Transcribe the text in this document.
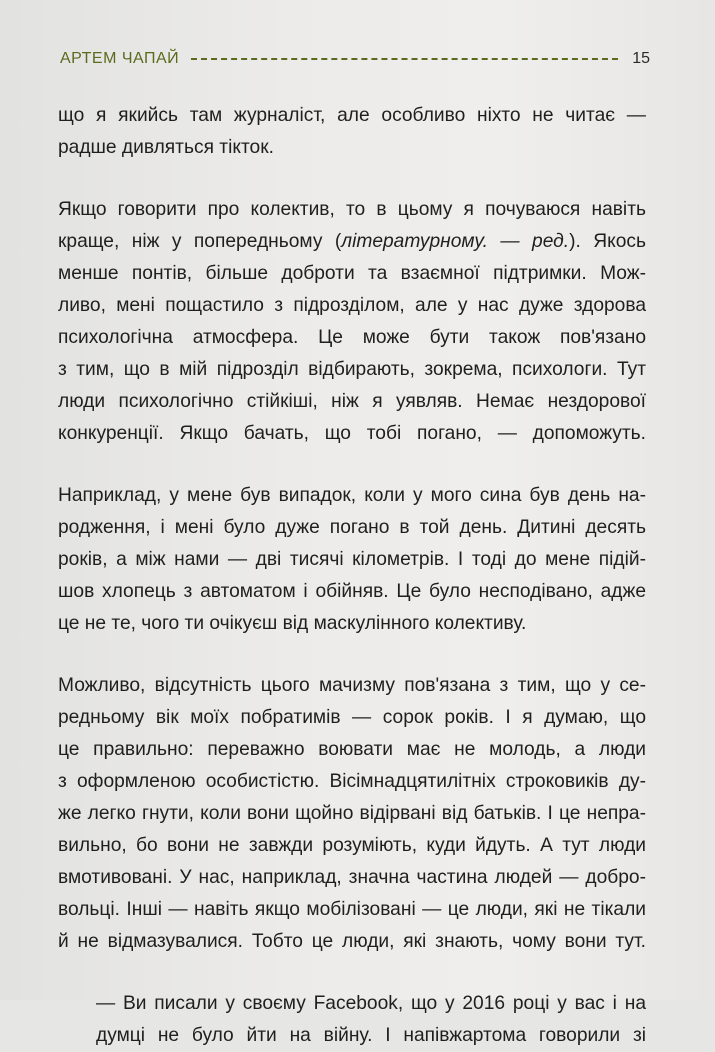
АРТЕМ ЧАПАЙ	15

що я якийсь там журналіст, але особливо ніхто не читає —
радше дивляться тікток.

Якщо говорити про колектив, то в цьому я почуваюся навіть
краще, ніж у попередньому (літературному. — ред.). Якось
менше понтів, більше доброти та взаємної підтримки. Мож-
ливо, мені пощастило з підрозділом, але у нас дуже здорова
психологічна атмосфера. Це може бути також пов'язано
з тим, що в мій підрозділ відбирають, зокрема, психологи. Тут
люди психологічно стійкіші, ніж я уявляв. Немає нездорової
конкуренції. Якщо бачать, що тобі погано, — допоможуть.

Наприклад, у мене був випадок, коли у мого сина був день на-
родження, і мені було дуже погано в той день. Дитині десять
років, а між нами — дві тисячі кілометрів. І тоді до мене підій-
шов хлопець з автоматом і обійняв. Це було несподівано, адже
це не те, чого ти очікуєш від маскулінного колективу.

Можливо, відсутність цього мачизму пов'язана з тим, що у се-
редньому вік моїх побратимів — сорок років. І я думаю, що
це правильно: переважно воювати має не молодь, а люди
з оформленою особистістю. Вісімнадцятилітніх строковиків ду-
же легко гнути, коли вони щойно відірвані від батьків. І це непра-
вильно, бо вони не завжди розуміють, куди йдуть. А тут люди
вмотивовані. У нас, наприклад, значна частина людей — добро-
вольці. Інші — навіть якщо мобілізовані — це люди, які не тікали
й не відмазувалися. Тобто це люди, які знають, чому вони тут.

— Ви писали у своєму Facebook, що у 2016 році у вас і на
думці не було йти на війну. І напівжартома говорили зі
